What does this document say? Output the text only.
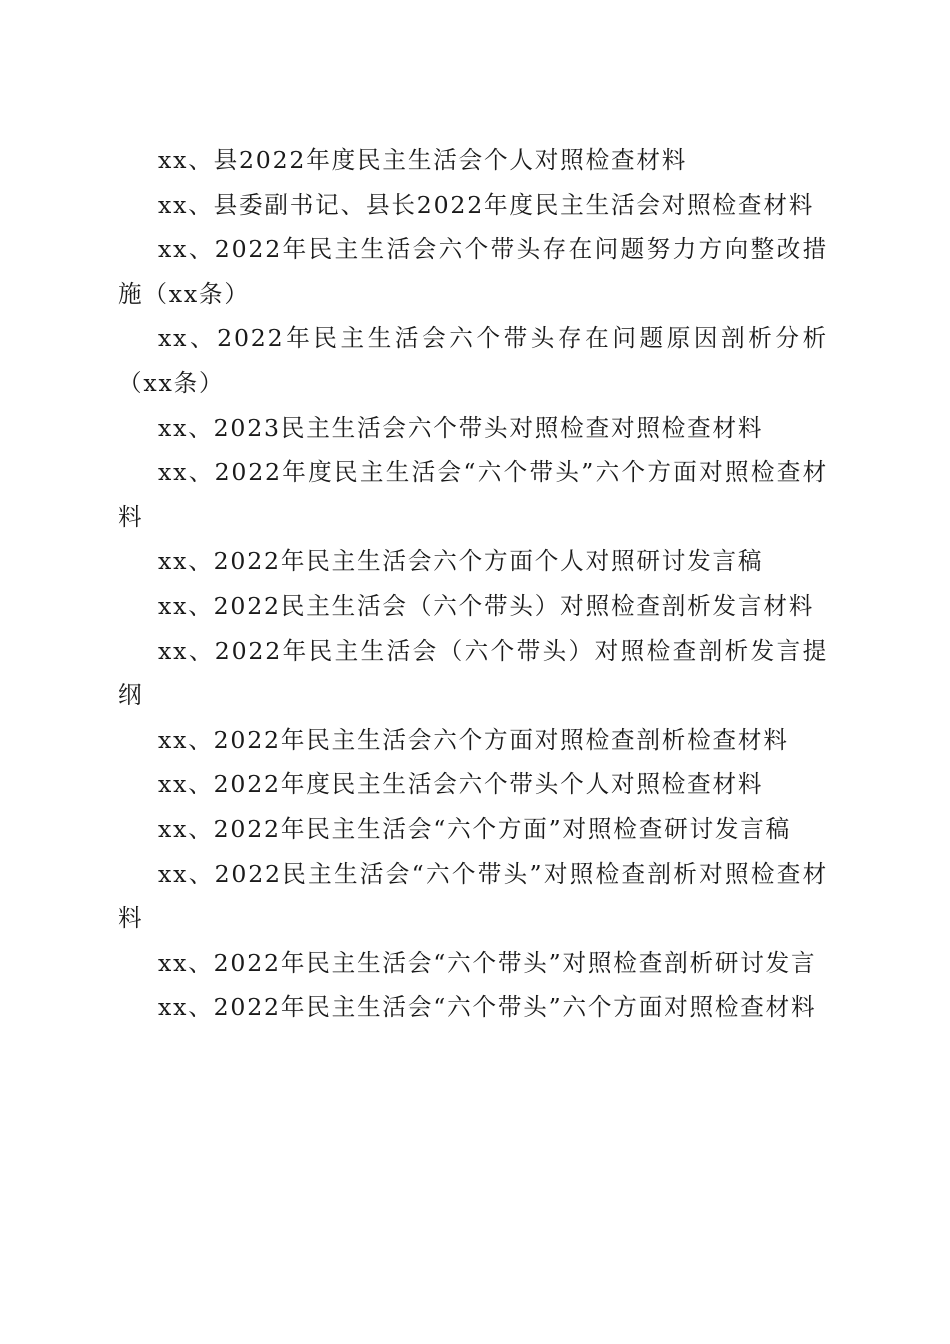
xx、县2022年度民主生活会个人对照检查材料

xx、县委副书记、县长2022年度民主生活会对照检查材料

xx、2022年民主生活会六个带头存在问题努力方向整改措施（xx条）

xx、2022年民主生活会六个带头存在问题原因剖析分析（xx条）

xx、2023民主生活会六个带头对照检查对照检查材料

xx、2022年度民主生活会“六个带头”六个方面对照检查材料

xx、2022年民主生活会六个方面个人对照研讨发言稿

xx、2022民主生活会（六个带头）对照检查剖析发言材料

xx、2022年民主生活会（六个带头）对照检查剖析发言提纲

xx、2022年民主生活会六个方面对照检查剖析检查材料

xx、2022年度民主生活会六个带头个人对照检查材料

xx、2022年民主生活会“六个方面”对照检查研讨发言稿

xx、2022民主生活会“六个带头”对照检查剖析对照检查材料

xx、2022年民主生活会“六个带头”对照检查剖析研讨发言

xx、2022年民主生活会“六个带头”六个方面对照检查材料
